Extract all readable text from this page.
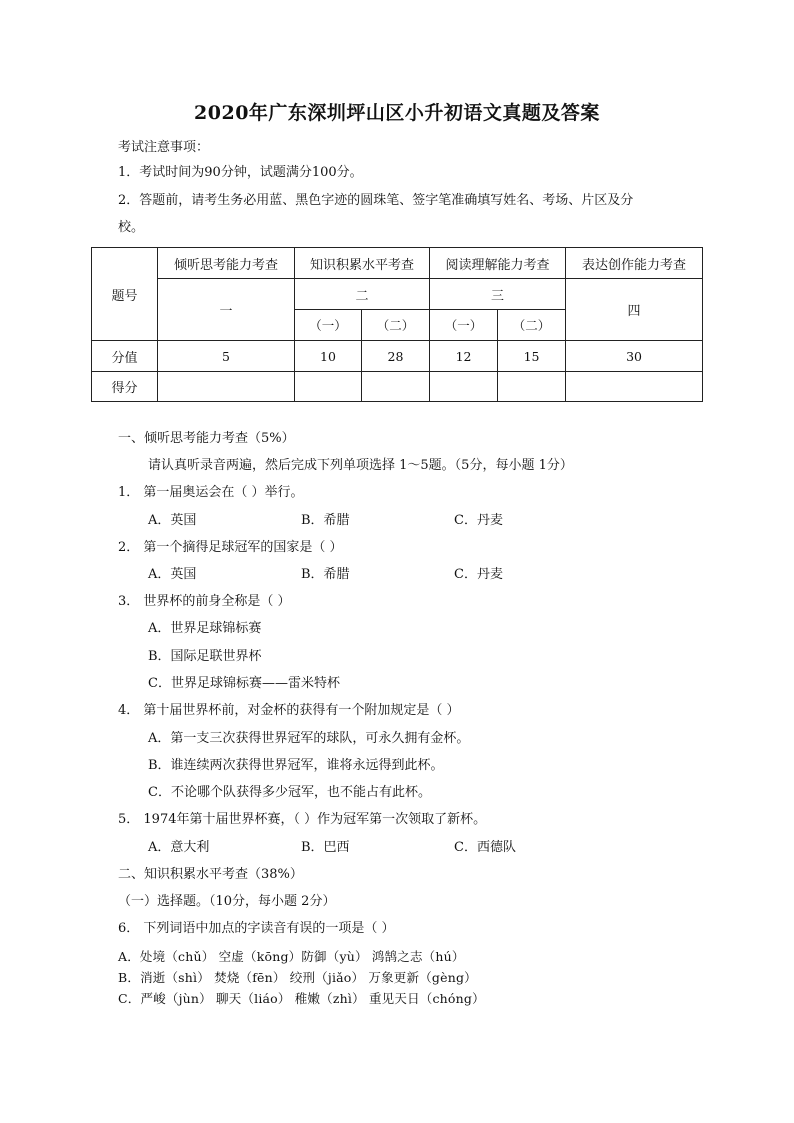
2020年广东深圳坪山区小升初语文真题及答案
考试注意事项：
1．考试时间为90分钟，试题满分100分。
2．答题前，请考生务必用蓝、黑色字迹的圆珠笔、签字笔准确填写姓名、考场、片区及分
校。
题号	倾听思考能力考查	知识积累水平考查		阅读理解能力考查		表达创作能力考查
	一	二		三		四
		（一）	（二）	（一）	（二）	
分值	5	10	28	12	15	30
得分						
一、倾听思考能力考查（5%）
请认真听录音两遍，然后完成下列单项选择 1～5题。（5分，每小题 1分）
1． 第一届奥运会在（ ）举行。
A．英国	B．希腊	C．丹麦
2． 第一个摘得足球冠军的国家是（ ）
A．英国	B．希腊	C．丹麦
3． 世界杯的前身全称是（ ）
A．世界足球锦标赛
B．国际足联世界杯
C．世界足球锦标赛——雷米特杯
4． 第十届世界杯前，对金杯的获得有一个附加规定是（ ）
A．第一支三次获得世界冠军的球队，可永久拥有金杯。
B．谁连续两次获得世界冠军，谁将永远得到此杯。
C．不论哪个队获得多少冠军，也不能占有此杯。
5． 1974年第十届世界杯赛，（ ）作为冠军第一次领取了新杯。
A．意大利	B．巴西	C．西德队
二、知识积累水平考查（38%）
（一）选择题。（10分，每小题 2分）
6． 下列词语中加点的字读音有误的一项是（ ）
A．处境（chǔ） 空虚（kōng）防御（yù） 鸿鹄之志（hú）
B．消逝（shì） 焚烧（fēn） 绞刑（jiǎo） 万象更新（gèng）
C．严峻（jùn） 聊天（liáo） 稚嫩（zhì） 重见天日（chóng）
